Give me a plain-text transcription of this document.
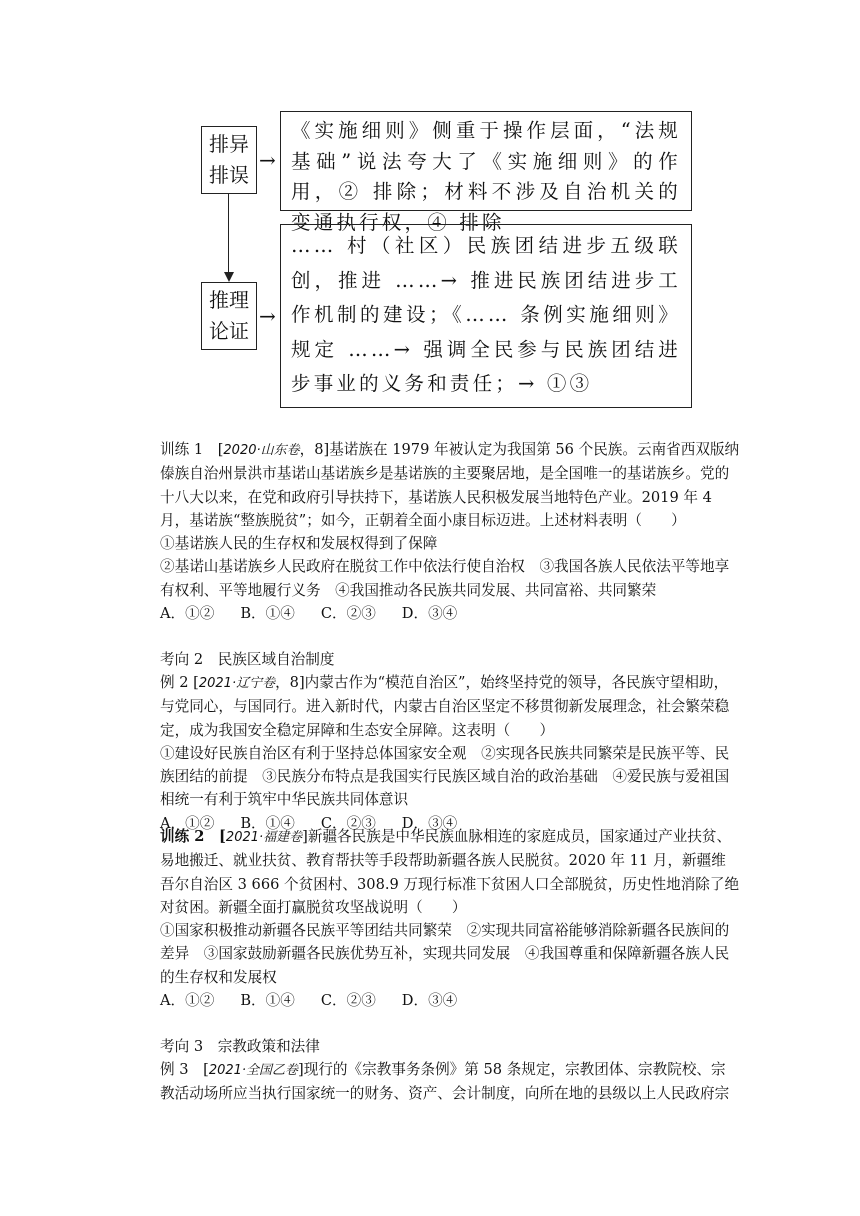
排异
排误
→
《实施细则》侧重于操作层面，“法规基础”说法夸大了《实施细则》的作用，② 排除；材料不涉及自治机关的变通执行权，④ 排除
推理
论证
→
…… 村（社区）民族团结进步五级联创，推进 ……→ 推进民族团结进步工作机制的建设；《…… 条例实施细则》规定 ……→ 强调全民参与民族团结进步事业的义务和责任；→ ①③

训练 1　[2020·山东卷，8]基诺族在 1979 年被认定为我国第 56 个民族。云南省西双版纳傣族自治州景洪市基诺山基诺族乡是基诺族的主要聚居地，是全国唯一的基诺族乡。党的十八大以来，在党和政府引导扶持下，基诺族人民积极发展当地特色产业。2019 年 4 月，基诺族“整族脱贫”；如今，正朝着全面小康目标迈进。上述材料表明（　　）

①基诺族人民的生存权和发展权得到了保障

②基诺山基诺族乡人民政府在脱贫工作中依法行使自治权　③我国各族人民依法平等地享有权利、平等地履行义务　④我国推动各民族共同发展、共同富裕、共同繁荣

A．①② B．①④ C．②③ D．③④

考向 2　民族区域自治制度

例 2 [2021·辽宁卷，8]内蒙古作为“模范自治区”，始终坚持党的领导，各民族守望相助，与党同心，与国同行。进入新时代，内蒙古自治区坚定不移贯彻新发展理念，社会繁荣稳定，成为我国安全稳定屏障和生态安全屏障。这表明（　　）

①建设好民族自治区有利于坚持总体国家安全观　②实现各民族共同繁荣是民族平等、民族团结的前提　③民族分布特点是我国实行民族区域自治的政治基础　④爱民族与爱祖国相统一有利于筑牢中华民族共同体意识

A．①② B．①④ C．②③ D．③④

训练 2　[2021·福建卷]新疆各民族是中华民族血脉相连的家庭成员，国家通过产业扶贫、易地搬迁、就业扶贫、教育帮扶等手段帮助新疆各族人民脱贫。2020 年 11 月，新疆维吾尔自治区 3 666 个贫困村、308.9 万现行标准下贫困人口全部脱贫，历史性地消除了绝对贫困。新疆全面打赢脱贫攻坚战说明（　　）

①国家积极推动新疆各民族平等团结共同繁荣　②实现共同富裕能够消除新疆各民族间的差异　③国家鼓励新疆各民族优势互补，实现共同发展　④我国尊重和保障新疆各族人民的生存权和发展权

A．①② B．①④ C．②③ D．③④

考向 3　宗教政策和法律

例 3　[2021·全国乙卷]现行的《宗教事务条例》第 58 条规定，宗教团体、宗教院校、宗教活动场所应当执行国家统一的财务、资产、会计制度，向所在地的县级以上人民政府宗
